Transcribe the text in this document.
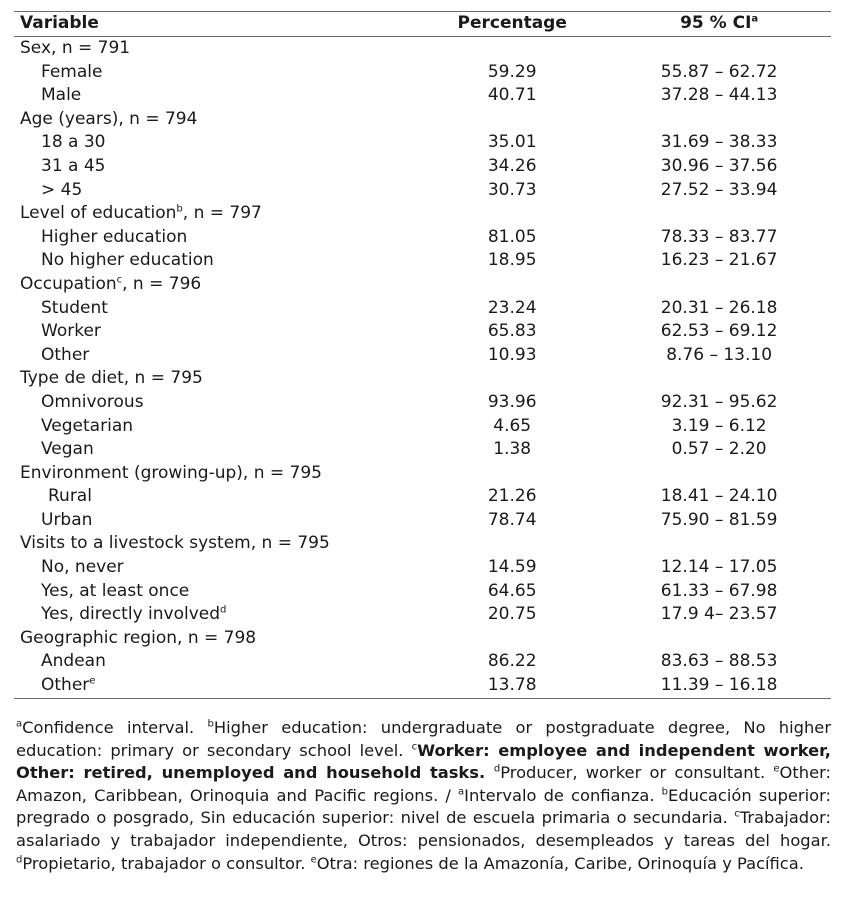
Variable	Percentage	95 % $CI^a$
Sex, n = 791		
Female	59.29	55.87 – 62.72
Male	40.71	37.28 – 44.13
Age (years), n = 794		
18 a 30	35.01	31.69 – 38.33
31 a 45	34.26	30.96 – 37.56
> 45	30.73	27.52 – 33.94
Level of education$^b$, n = 797		
Higher education	81.05	78.33 – 83.77
No higher education	18.95	16.23 – 21.67
Occupation$^c$, n = 796		
Student	23.24	20.31 – 26.18
Worker	65.83	62.53 – 69.12
Other	10.93	8.76 – 13.10
Type de diet, n = 795		
Omnivorous	93.96	92.31 – 95.62
Vegetarian	4.65	3.19 – 6.12
Vegan	1.38	0.57 – 2.20
Environment (growing-up), n = 795		
Rural	21.26	18.41 – 24.10
Urban	78.74	75.90 – 81.59
Visits to a livestock system, n = 795		
No, never	14.59	12.14 – 17.05
Yes, at least once	64.65	61.33 – 67.98
Yes, directly involved$^d$	20.75	17.9 4– 23.57
Geographic region, n = 798		
Andean	86.22	83.63 – 88.53
Other$^e$	13.78	11.39 – 16.18
$^a$Confidence interval. $^b$Higher education: undergraduate or postgraduate degree, No higher education: primary or secondary school level. $^c$Worker: employee and independent worker, Other: retired, unemployed and household tasks. $^d$Producer, worker or consultant. $^e$Other: Amazon, Caribbean, Orinoquia and Pacific regions. / $^a$Intervalo de confianza. $^b$Educación superior: pregrado o posgrado, Sin educación superior: nivel de escuela primaria o secundaria. $^c$Trabajador: asalariado y trabajador independiente, Otros: pensionados, desempleados y tareas del hogar. $^d$Propietario, trabajador o consultor. $^e$Otra: regiones de la Amazonía, Caribe, Orinoquía y Pacífica.
